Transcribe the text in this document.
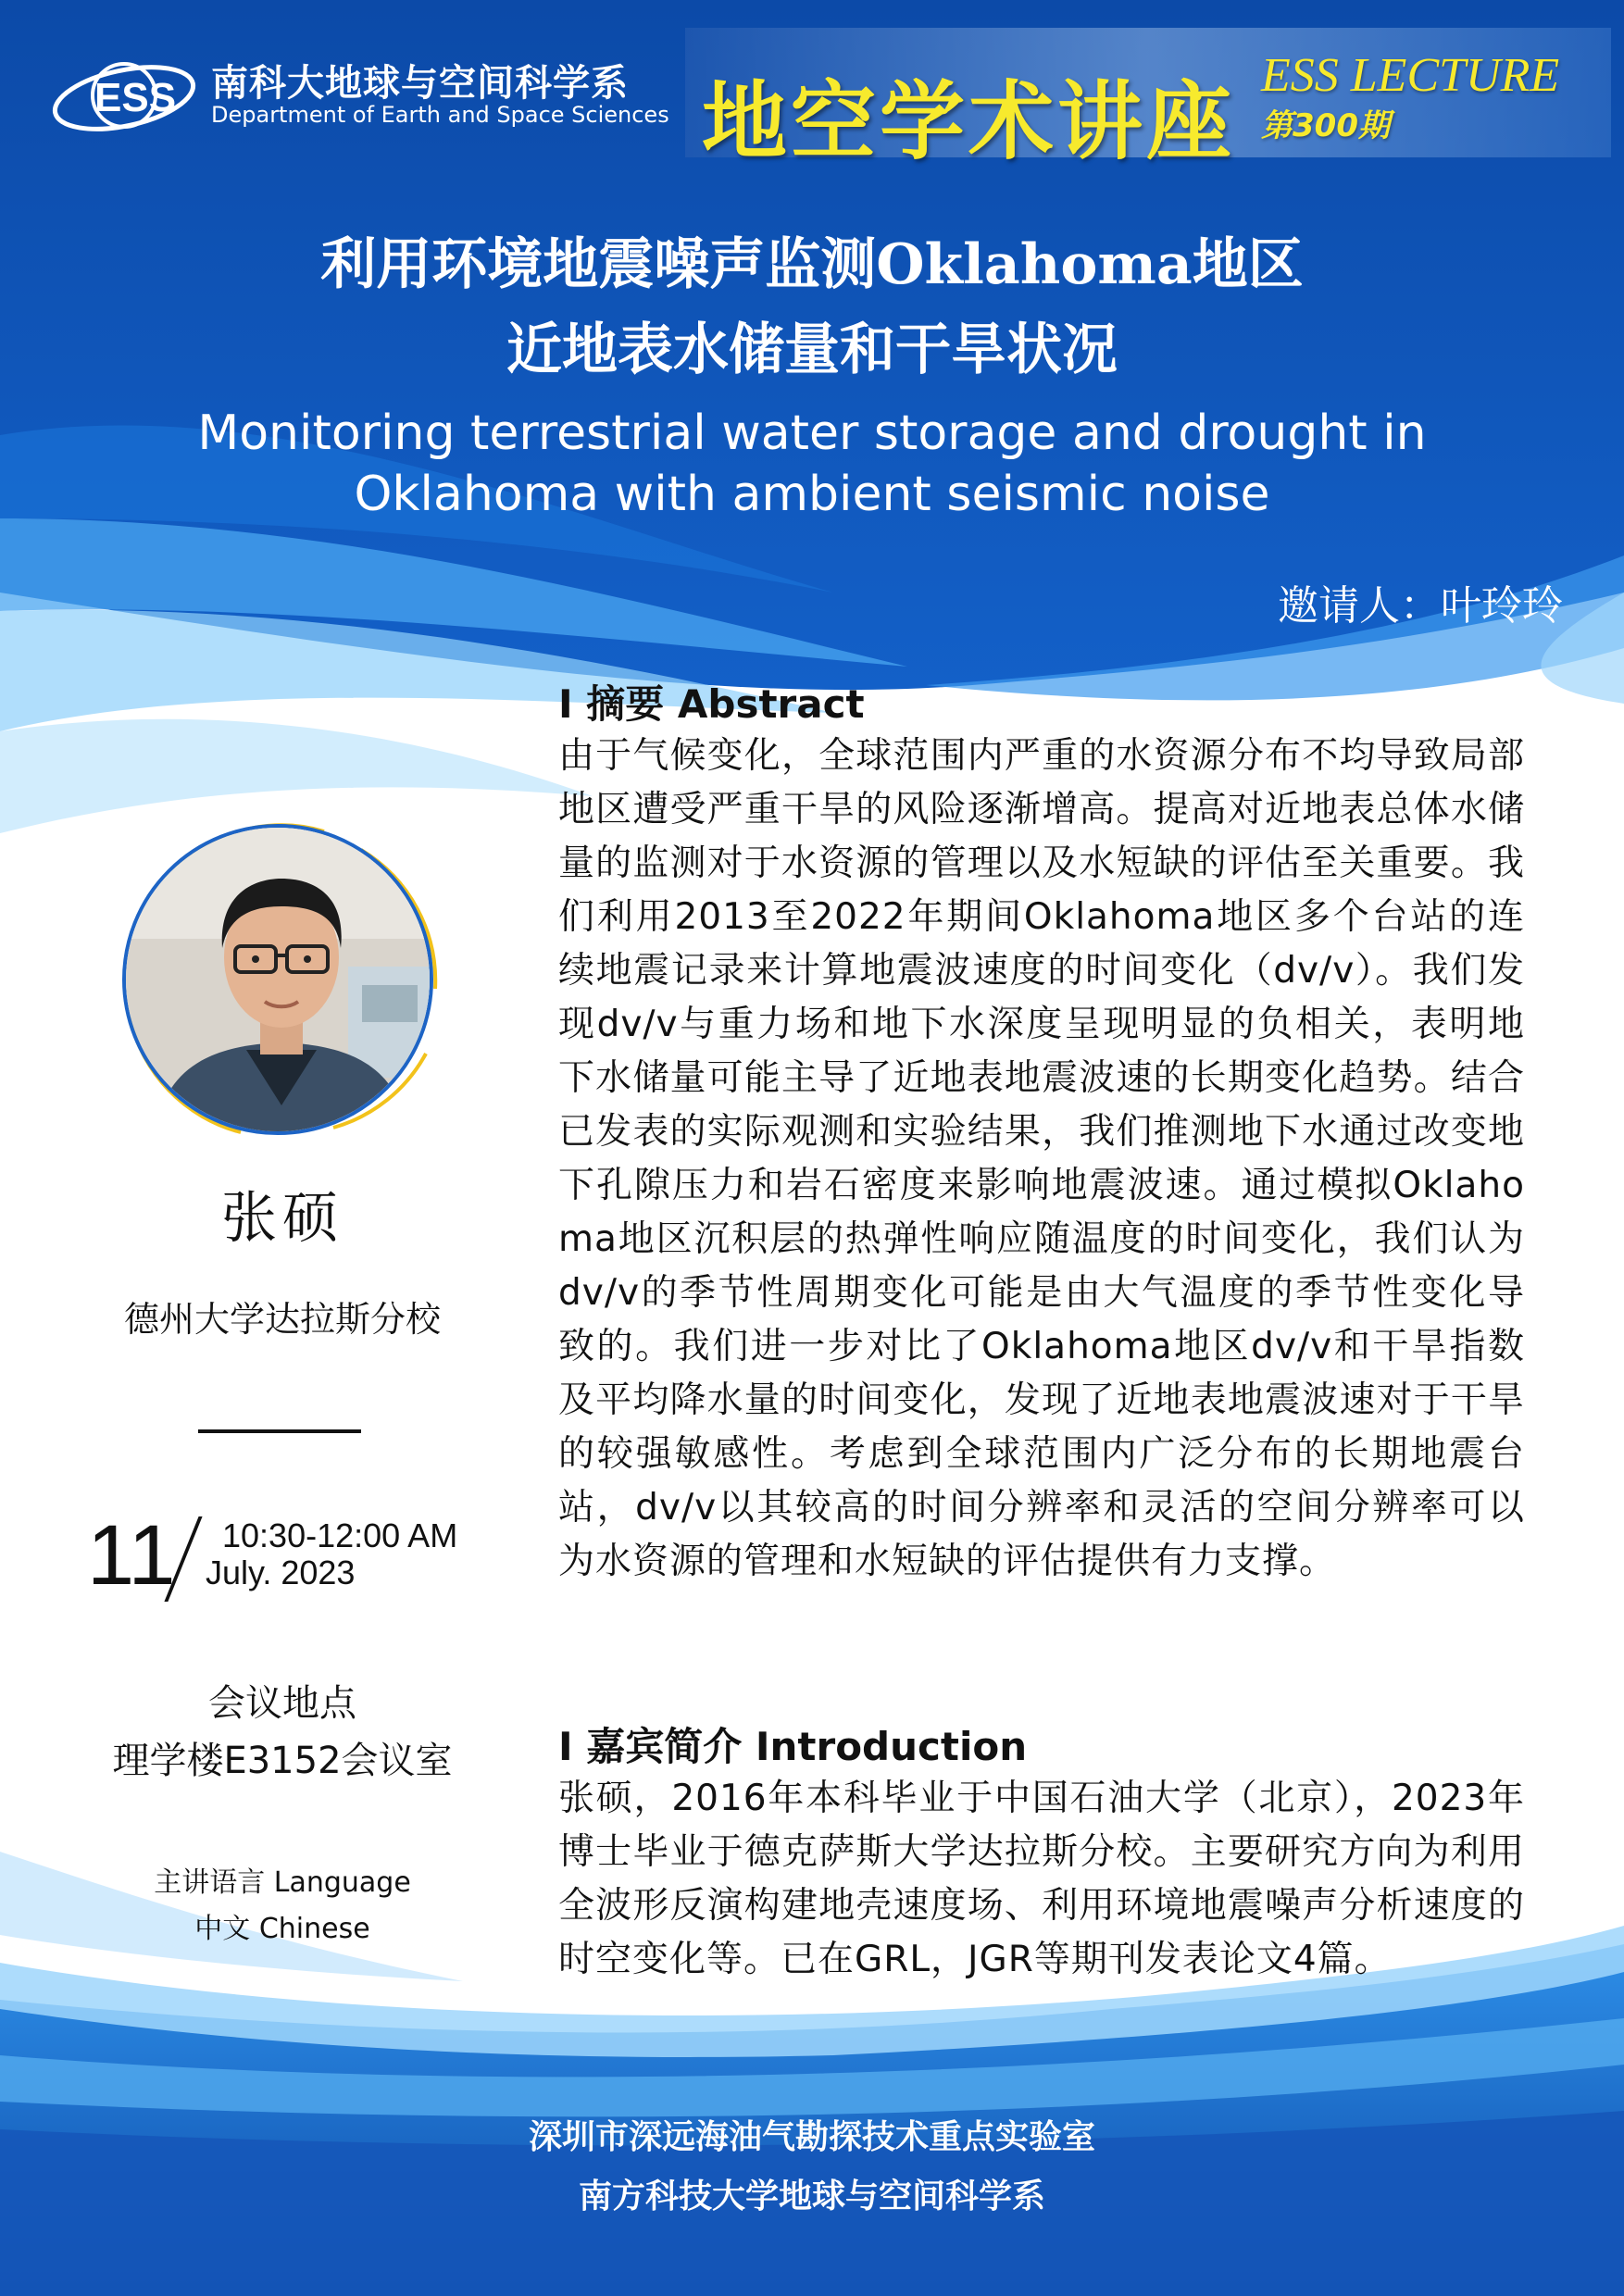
ESS 南科大地球与空间科学系
Department of Earth and Space Sciences 地空学术讲座 ESS LECTURE
第300期
利用环境地震噪声监测Oklahoma地区
近地表水储量和干旱状况
Monitoring terrestrial water storage and drought in
Oklahoma with ambient seismic noise
邀请人：叶玲玲
张硕
德州大学达拉斯分校
11 10:30-12:00 AM
July. 2023
会议地点
理学楼E3152会议室
主讲语言 Language
中文 Chinese
I 摘要 Abstract

由于气候变化，全球范围内严重的水资源分布不均导致局部地区遭受严重干旱的风险逐渐增高。提高对近地表总体水储量的监测对于水资源的管理以及水短缺的评估至关重要。我们利用2013至2022年期间Oklahoma地区多个台站的连续地震记录来计算地震波速度的时间变化（dv/v）。我们发现dv/v与重力场和地下水深度呈现明显的负相关，表明地下水储量可能主导了近地表地震波速的长期变化趋势。结合已发表的实际观测和实验结果，我们推测地下水通过改变地下孔隙压力和岩石密度来影响地震波速。通过模拟Oklahoma地区沉积层的热弹性响应随温度的时间变化，我们认为dv/v的季节性周期变化可能是由大气温度的季节性变化导致的。我们进一步对比了Oklahoma地区dv/v和干旱指数及平均降水量的时间变化，发现了近地表地震波速对于干旱的较强敏感性。考虑到全球范围内广泛分布的长期地震台站，dv/v以其较高的时间分辨率和灵活的空间分辨率可以为水资源的管理和水短缺的评估提供有力支撑。

I 嘉宾简介 Introduction

张硕，2016年本科毕业于中国石油大学（北京），2023年博士毕业于德克萨斯大学达拉斯分校。主要研究方向为利用全波形反演构建地壳速度场、利用环境地震噪声分析速度的时空变化等。已在GRL，JGR等期刊发表论文4篇。

深圳市深远海油气勘探技术重点实验室
南方科技大学地球与空间科学系
